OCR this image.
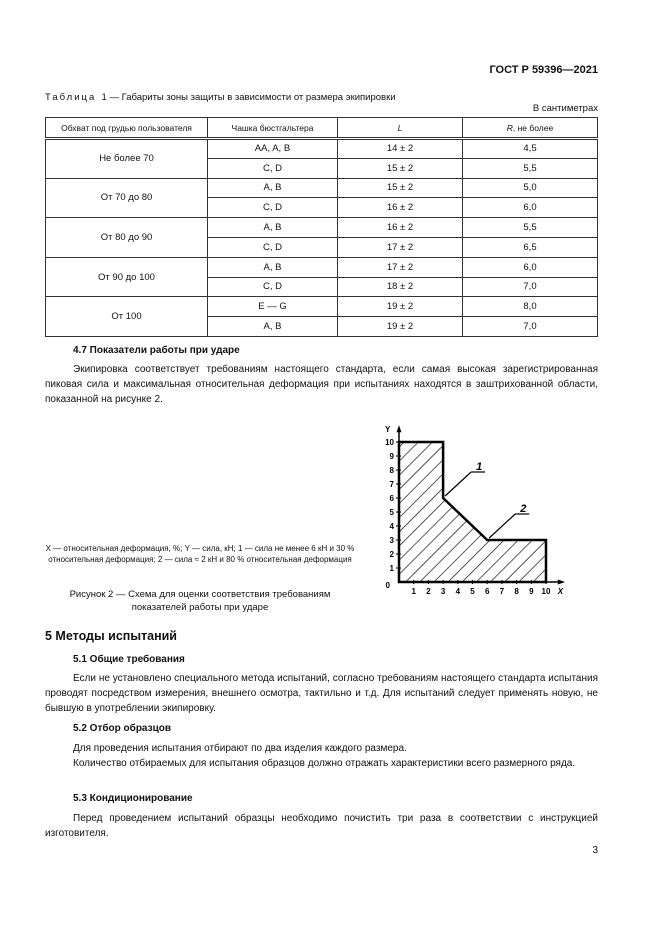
ГОСТ Р 59396—2021
Таблица 1 — Габариты зоны защиты в зависимости от размера экипировки
В сантиметрах
Обхват под грудью пользователя	Чашка бюстгальтера	L	R, не более
Не более 70	AA, A, B	14 ± 2	4,5
	C, D	15 ± 2	5,5
От 70 до 80	A, B	15 ± 2	5,0
	C, D	16 ± 2	6,0
От 80 до 90	A, B	16 ± 2	5,5
	C, D	17 ± 2	6,5
От 90 до 100	A, B	17 ± 2	6,0
	C, D	18 ± 2	7,0
От 100	E — G	19 ± 2	8,0
	A, B	19 ± 2	7,0
4.7 Показатели работы при ударе

Экипировка соответствует требованиям настоящего стандарта, если самая высокая зарегистрированная пиковая сила и максимальная относительная деформация при испытаниях находятся в заштрихованной области, показанной на рисунке 2.

1
1
2
2
3
3
4
4
5
5
6
6
7
7
8
8
9
9
10
10
0
X
Y
1
2
X — относительная деформация, %; Y — сила, кН; 1 — сила не менее 6 кН и 30 % относительная деформация; 2 — сила ≈ 2 кН и 80 % относительная деформация
Рисунок 2 — Схема для оценки соответствия требованиям показателей работы при ударе
5 Методы испытаний
5.1 Общие требования

Если не установлено специального метода испытаний, согласно требованиям настоящего стандарта испытания проводят посредством измерения, внешнего осмотра, тактильно и т.д. Для испытаний следует применять новую, не бывшую в употреблении экипировку.

5.2 Отбор образцов

Для проведения испытания отбирают по два изделия каждого размера.

Количество отбираемых для испытания образцов должно отражать характеристики всего размерного ряда.

5.3 Кондиционирование

Перед проведением испытаний образцы необходимо почистить три раза в соответствии с инструкцией изготовителя.

3
